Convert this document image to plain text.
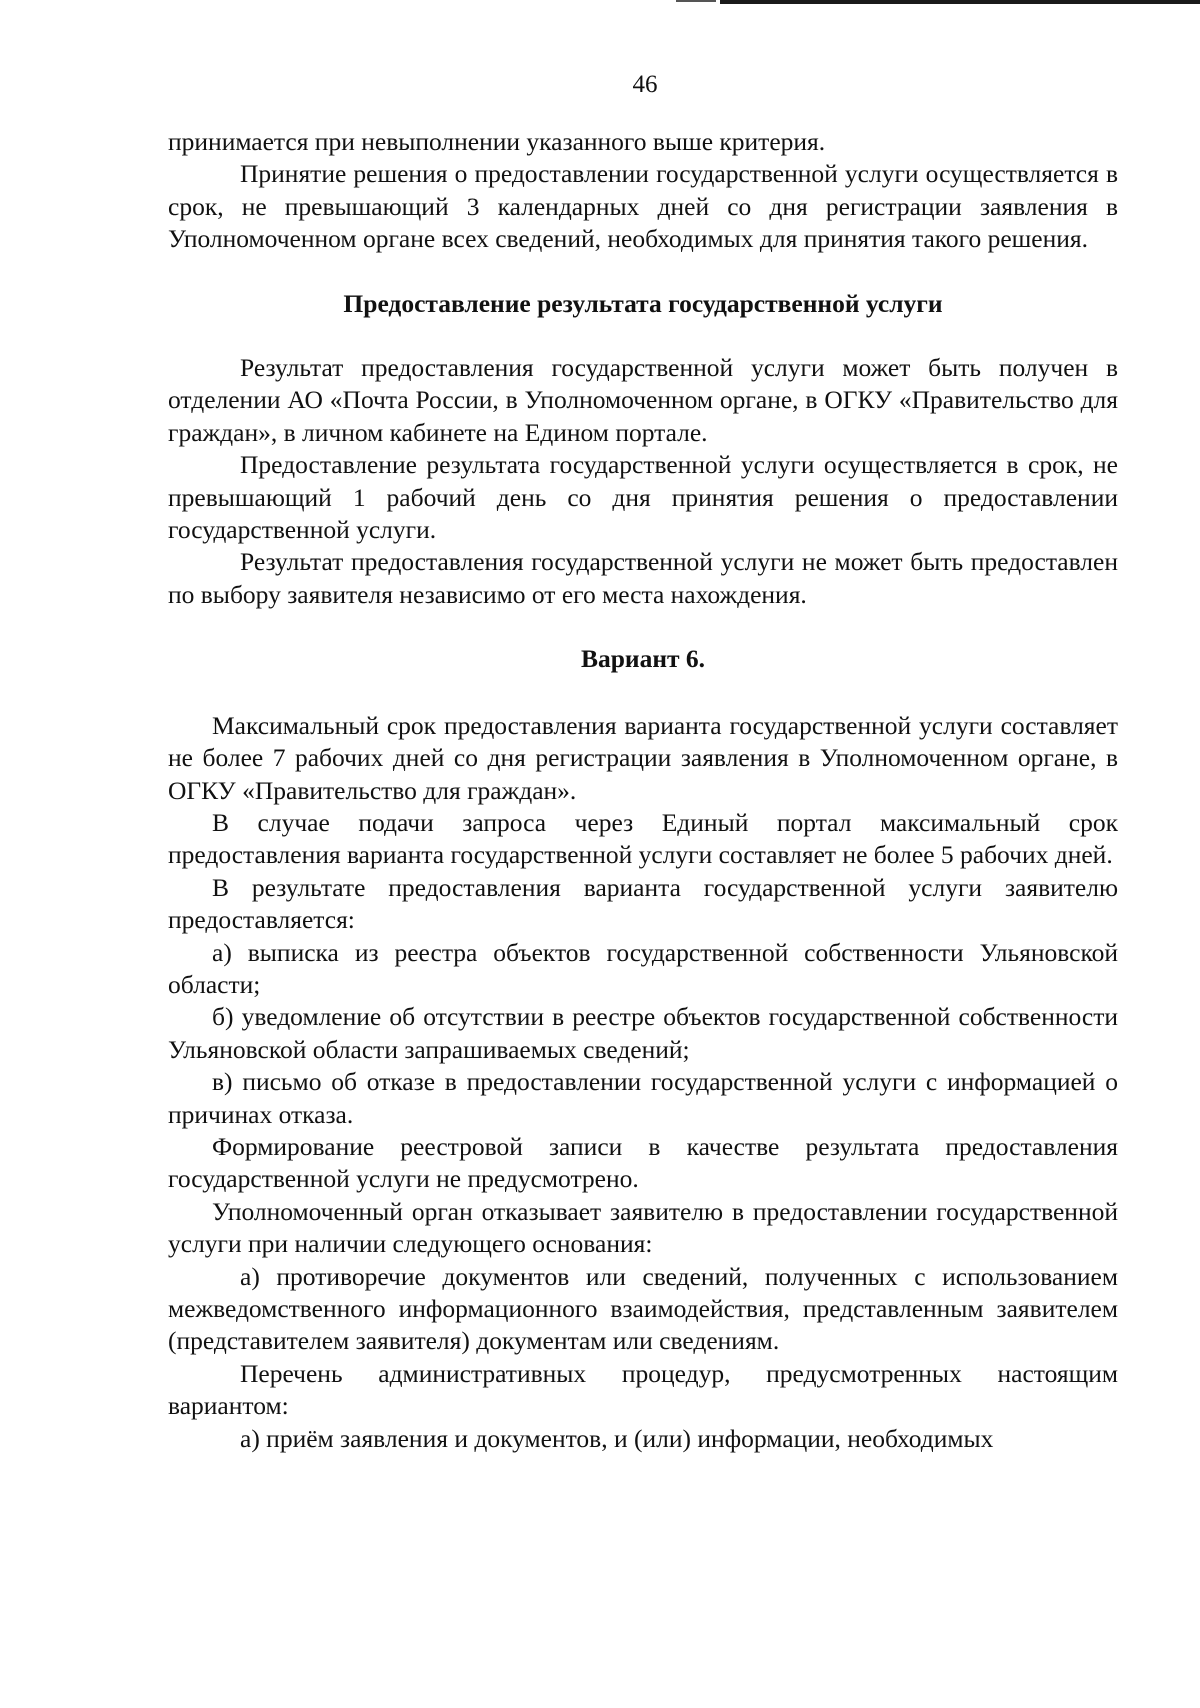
46

принимается при невыполнении указанного выше критерия.

Принятие решения о предоставлении государственной услуги осуществляется в срок, не превышающий 3 календарных дней со дня регистрации заявления в Уполномоченном органе всех сведений, необходимых для принятия такого решения.

Предоставление результата государственной услуги

Результат предоставления государственной услуги может быть получен в отделении АО «Почта России, в Уполномоченном органе, в ОГКУ «Правительство для граждан», в личном кабинете на Едином портале.

Предоставление результата государственной услуги осуществляется в срок, не превышающий 1 рабочий день со дня принятия решения о предоставлении государственной услуги.

Результат предоставления государственной услуги не может быть предоставлен по выбору заявителя независимо от его места нахождения.

Вариант 6.

Максимальный срок предоставления варианта государственной услуги составляет не более 7 рабочих дней со дня регистрации заявления в Уполномоченном органе, в ОГКУ «Правительство для граждан».

В случае подачи запроса через Единый портал максимальный срок предоставления варианта государственной услуги составляет не более 5 рабочих дней.

В результате предоставления варианта государственной услуги заявителю предоставляется:

а) выписка из реестра объектов государственной собственности Ульяновской области;

б) уведомление об отсутствии в реестре объектов государственной собственности Ульяновской области запрашиваемых сведений;

в) письмо об отказе в предоставлении государственной услуги с информацией о причинах отказа.

Формирование реестровой записи в качестве результата предоставления государственной услуги не предусмотрено.

Уполномоченный орган отказывает заявителю в предоставлении государственной услуги при наличии следующего основания:

а) противоречие документов или сведений, полученных с использованием межведомственного информационного взаимодействия, представленным заявителем (представителем заявителя) документам или сведениям.

Перечень административных процедур, предусмотренных настоящим вариантом:

а) приём заявления и документов, и (или) информации, необходимых
